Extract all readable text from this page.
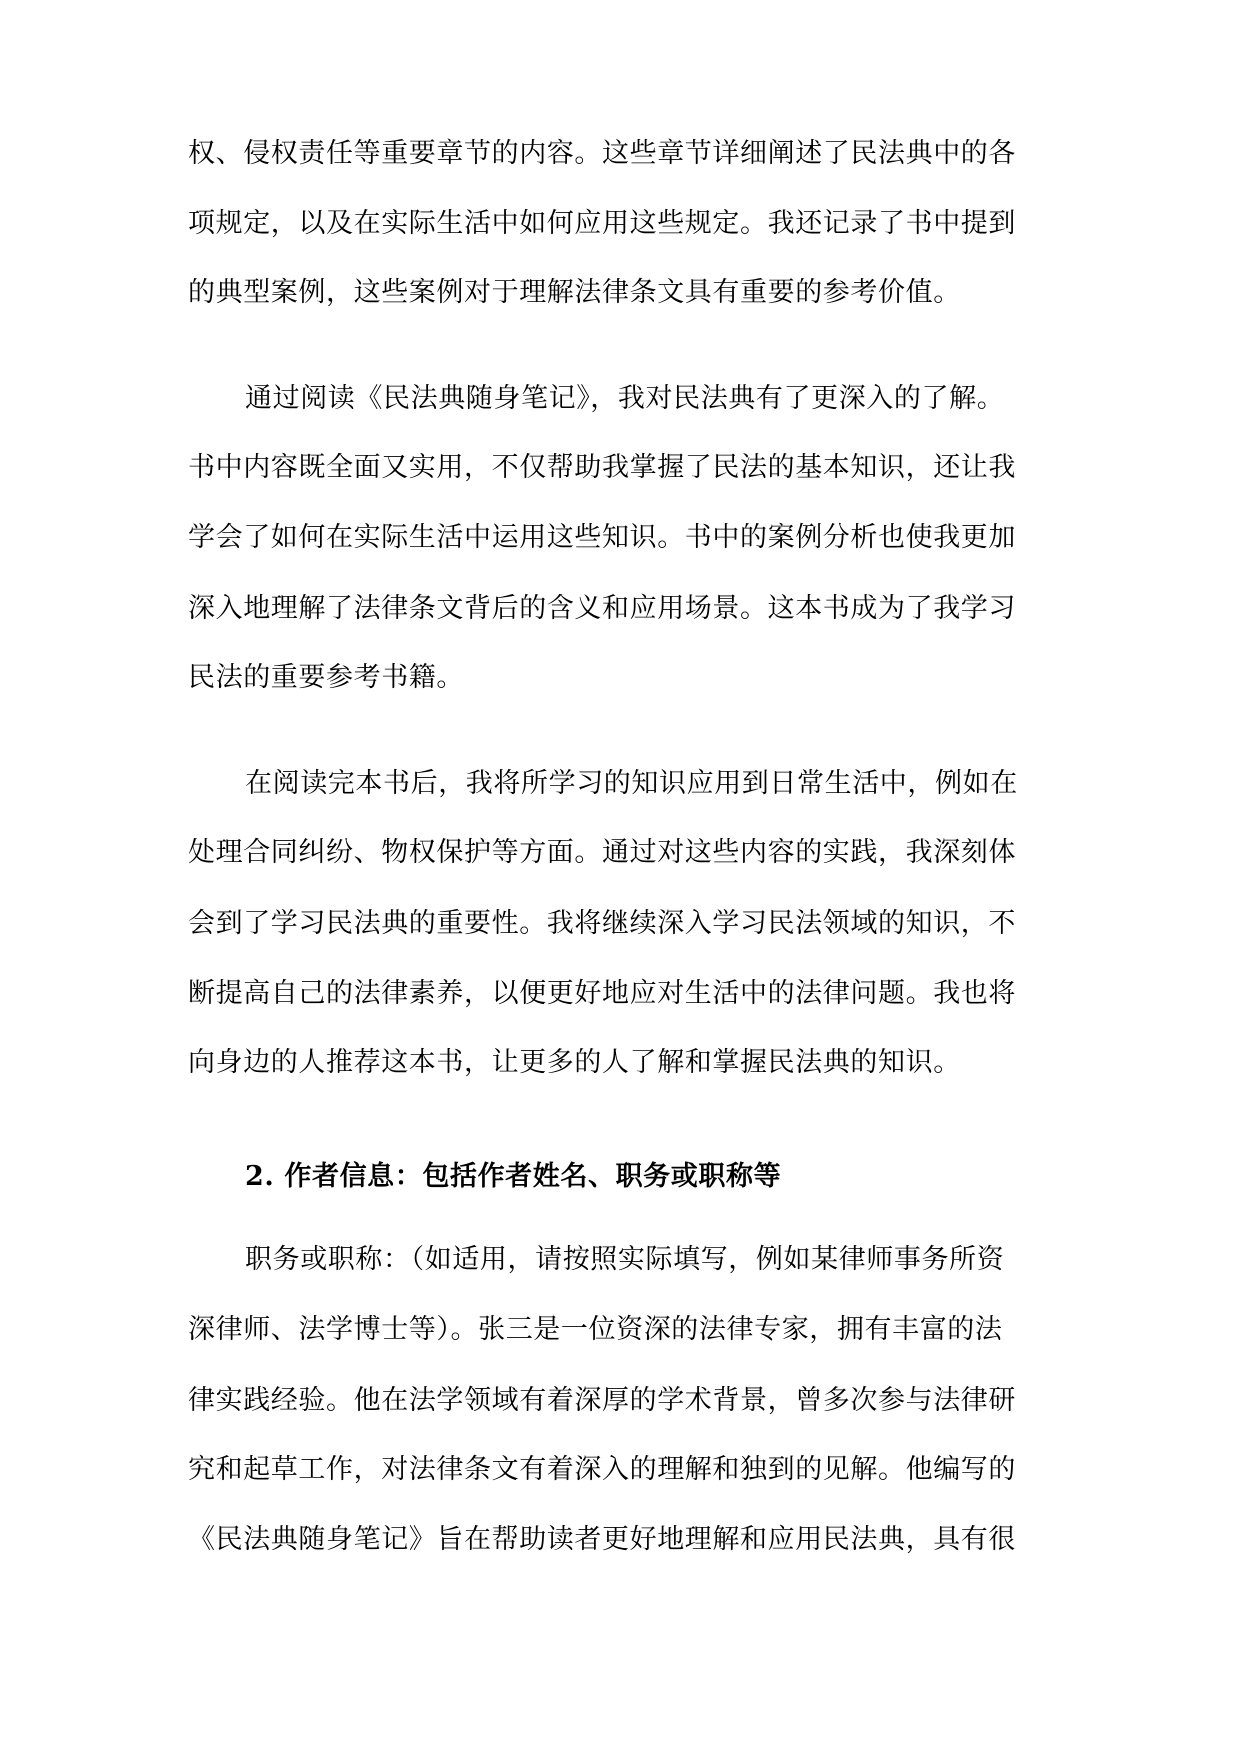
权、侵权责任等重要章节的内容。这些章节详细阐述了民法典中的各
项规定，以及在实际生活中如何应用这些规定。我还记录了书中提到
的典型案例，这些案例对于理解法律条文具有重要的参考价值。
通过阅读《民法典随身笔记》，我对民法典有了更深入的了解。
书中内容既全面又实用，不仅帮助我掌握了民法的基本知识，还让我
学会了如何在实际生活中运用这些知识。书中的案例分析也使我更加
深入地理解了法律条文背后的含义和应用场景。这本书成为了我学习
民法的重要参考书籍。
在阅读完本书后，我将所学习的知识应用到日常生活中，例如在
处理合同纠纷、物权保护等方面。通过对这些内容的实践，我深刻体
会到了学习民法典的重要性。我将继续深入学习民法领域的知识，不
断提高自己的法律素养，以便更好地应对生活中的法律问题。我也将
向身边的人推荐这本书，让更多的人了解和掌握民法典的知识。
2. 作者信息：包括作者姓名、职务或职称等
职务或职称：（如适用，请按照实际填写，例如某律师事务所资
深律师、法学博士等）。张三是一位资深的法律专家，拥有丰富的法
律实践经验。他在法学领域有着深厚的学术背景，曾多次参与法律研
究和起草工作，对法律条文有着深入的理解和独到的见解。他编写的
《民法典随身笔记》旨在帮助读者更好地理解和应用民法典，具有很
